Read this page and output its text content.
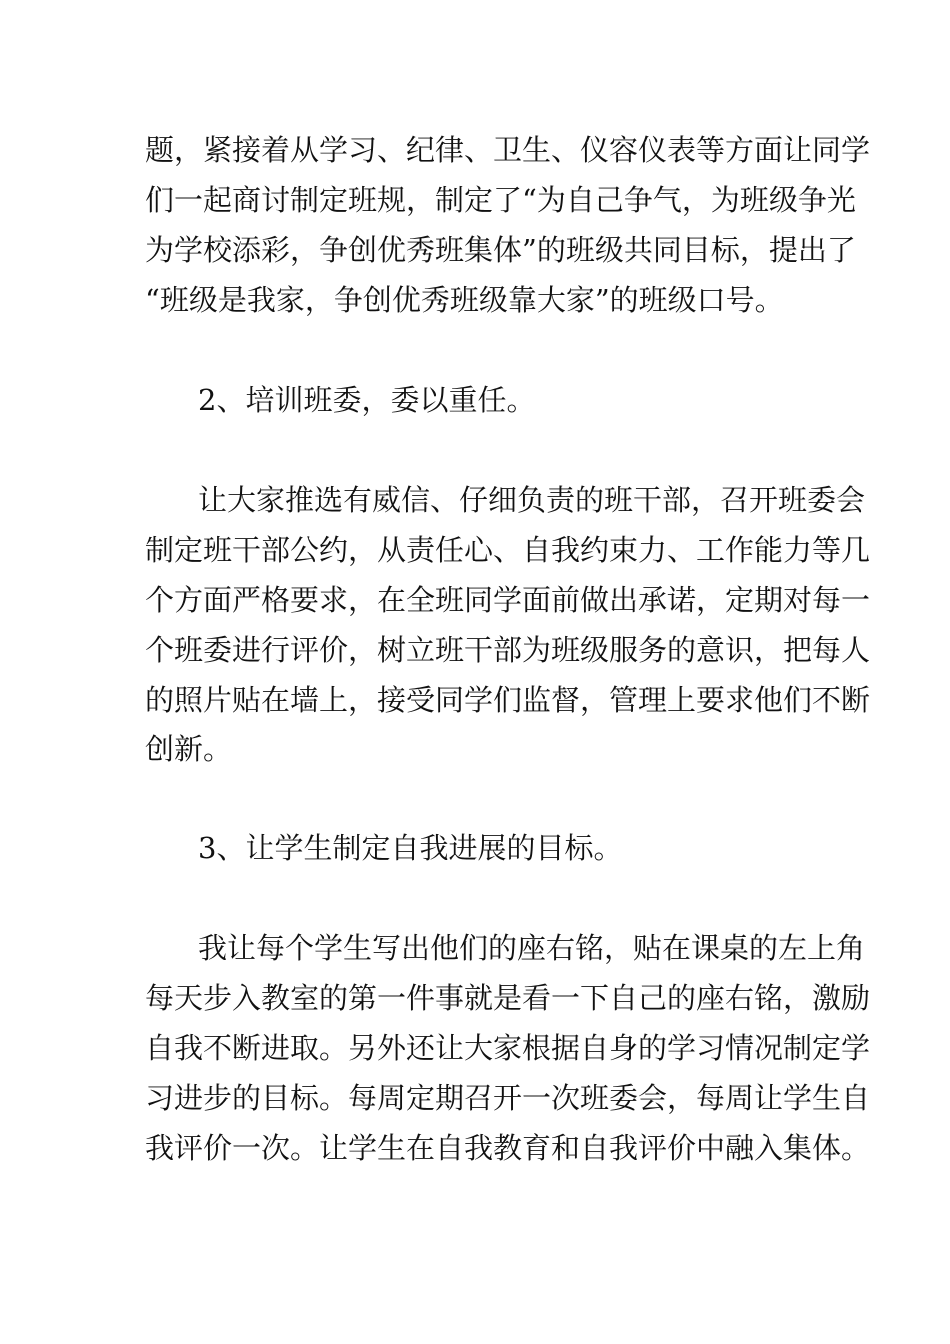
题，紧接着从学习、纪律、卫生、仪容仪表等方面让同学
们一起商讨制定班规，制定了“为自己争气，为班级争光
为学校添彩，争创优秀班集体”的班级共同目标，提出了
“班级是我家，争创优秀班级靠大家”的班级口号。
2、培训班委，委以重任。
让大家推选有威信、仔细负责的班干部，召开班委会
制定班干部公约，从责任心、自我约束力、工作能力等几
个方面严格要求，在全班同学面前做出承诺，定期对每一
个班委进行评价，树立班干部为班级服务的意识，把每人
的照片贴在墙上，接受同学们监督，管理上要求他们不断
创新。
3、让学生制定自我进展的目标。
我让每个学生写出他们的座右铭，贴在课桌的左上角
每天步入教室的第一件事就是看一下自己的座右铭，激励
自我不断进取。另外还让大家根据自身的学习情况制定学
习进步的目标。每周定期召开一次班委会，每周让学生自
我评价一次。让学生在自我教育和自我评价中融入集体。
